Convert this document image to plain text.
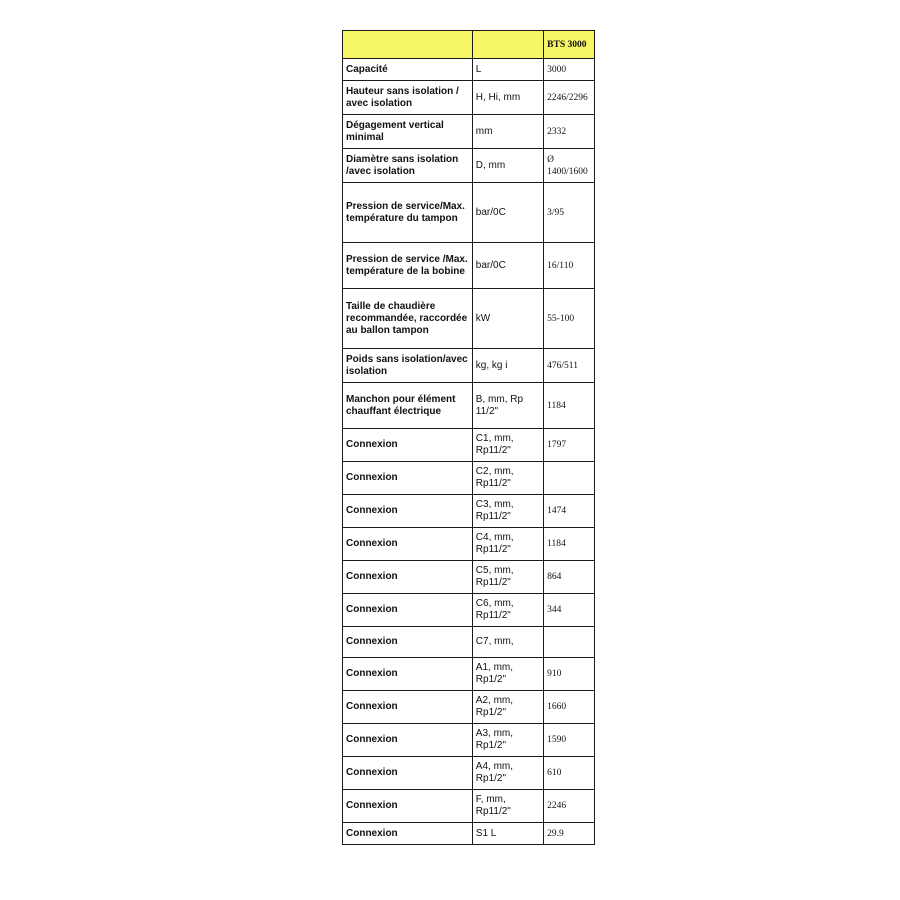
		BTS 3000
Capacité	L	3000
Hauteur sans isolation / avec isolation	H, Hi, mm	2246/2296
Dégagement vertical minimal	mm	2332
Diamètre sans isolation /avec isolation	D, mm	Ø 1400/1600
Pression de service/Max. température du tampon	bar/0C	3/95
Pression de service /Max. température de la bobine	bar/0C	16/110
Taille de chaudière recommandée, raccordée au ballon tampon	kW	55-100
Poids sans isolation/avec isolation	kg, kg i	476/511
Manchon pour élément chauffant électrique	B, mm, Rp 11/2"	1184
Connexion	C1, mm, Rp11/2"	1797
Connexion	C2, mm, Rp11/2"	
Connexion	C3, mm, Rp11/2"	1474
Connexion	C4, mm, Rp11/2"	1184
Connexion	C5, mm, Rp11/2"	864
Connexion	C6, mm, Rp11/2"	344
Connexion	C7, mm,	
Connexion	A1, mm, Rp1/2"	910
Connexion	A2, mm, Rp1/2"	1660
Connexion	A3, mm, Rp1/2"	1590
Connexion	A4, mm, Rp1/2"	610
Connexion	F, mm, Rp11/2"	2246
Connexion	S1 L	29.9
